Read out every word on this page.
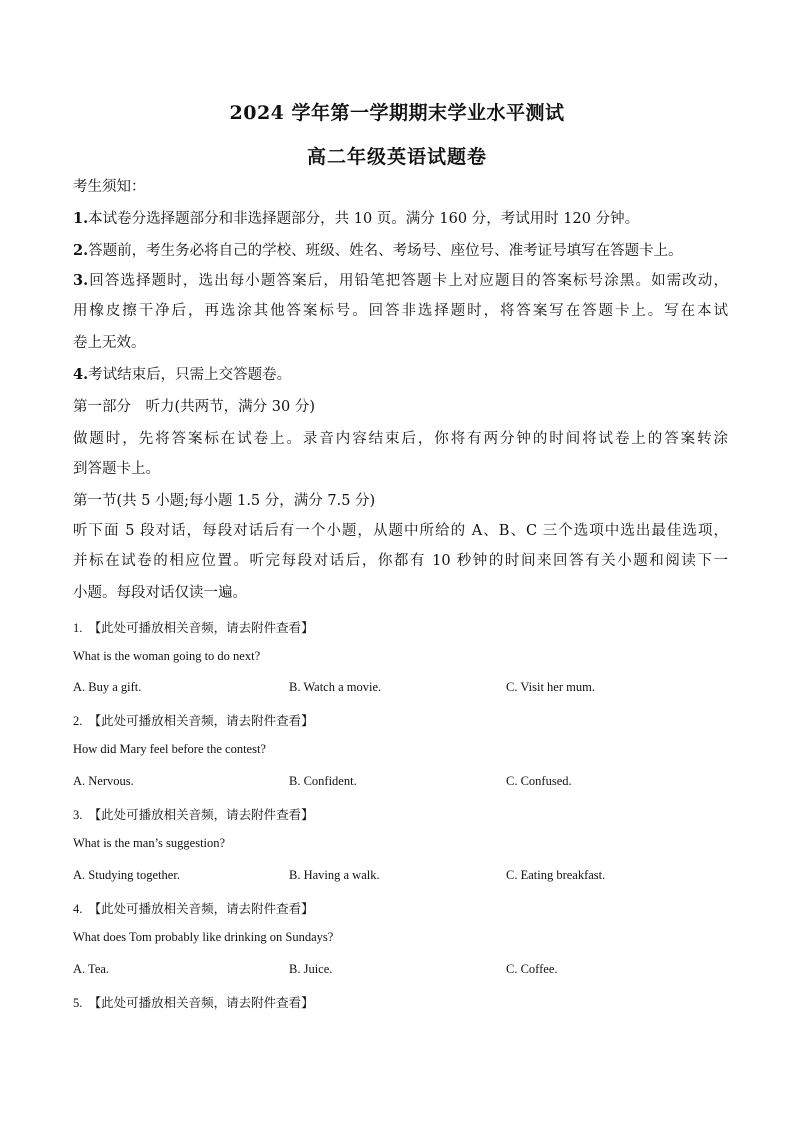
2024 学年第一学期期末学业水平测试
高二年级英语试题卷
考生须知：
1.本试卷分选择题部分和非选择题部分，共 10 页。满分 160 分，考试用时 120 分钟。
2.答题前，考生务必将自己的学校、班级、姓名、考场号、座位号、准考证号填写在答题卡上。
3.回答选择题时，选出每小题答案后，用铅笔把答题卡上对应题目的答案标号涂黑。如需改动，
用橡皮擦干净后，再选涂其他答案标号。回答非选择题时，将答案写在答题卡上。写在本试
卷上无效。
4.考试结束后，只需上交答题卷。
第一部分　听力(共两节，满分 30 分)
做题时，先将答案标在试卷上。录音内容结束后，你将有两分钟的时间将试卷上的答案转涂
到答题卡上。
第一节(共 5 小题;每小题 1.5 分，满分 7.5 分)
听下面 5 段对话，每段对话后有一个小题，从题中所给的 A、B、C 三个选项中选出最佳选项，
并标在试卷的相应位置。听完每段对话后，你都有 10 秒钟的时间来回答有关小题和阅读下一
小题。每段对话仅读一遍。
1. 【此处可播放相关音频，请去附件查看】
What is the woman going to do next?
A. Buy a gift.	B. Watch a movie.	C. Visit her mum.
2. 【此处可播放相关音频，请去附件查看】
How did Mary feel before the contest?
A. Nervous.	B. Confident.	C. Confused.
3. 【此处可播放相关音频，请去附件查看】
What is the man’s suggestion?
A. Studying together.	B. Having a walk.	C. Eating breakfast.
4. 【此处可播放相关音频，请去附件查看】
What does Tom probably like drinking on Sundays?
A. Tea.	B. Juice.	C. Coffee.
5. 【此处可播放相关音频，请去附件查看】
